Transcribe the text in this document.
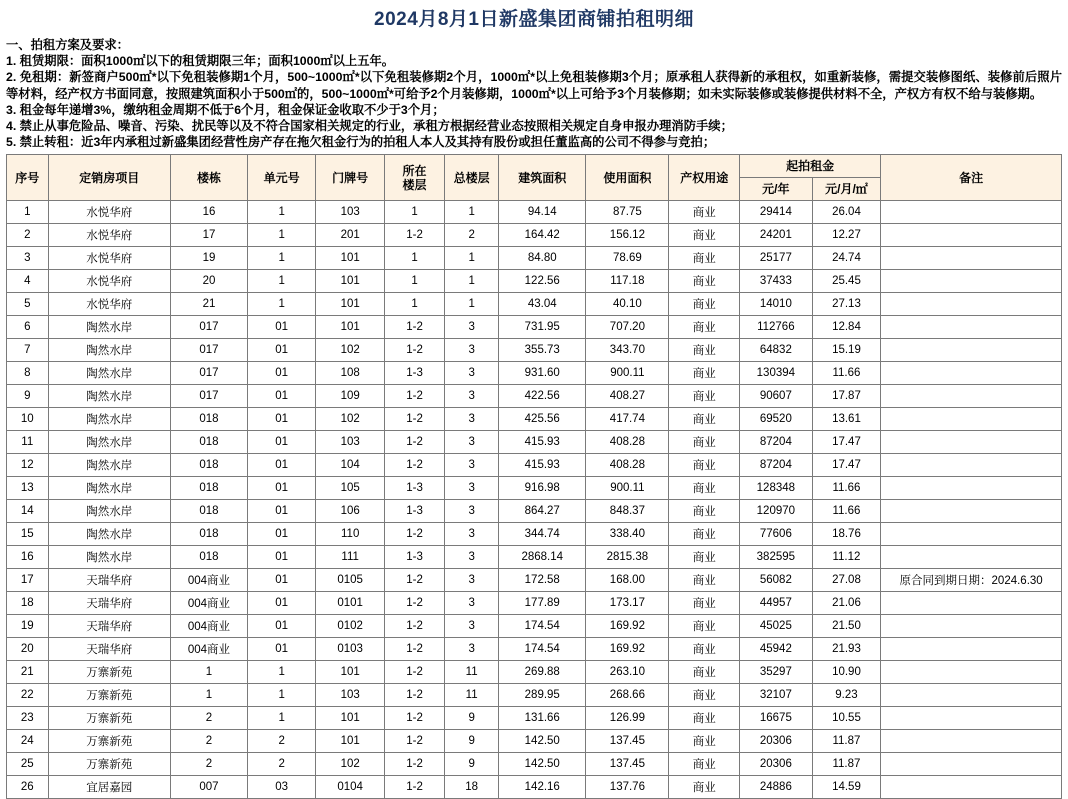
2024月8月1日新盛集团商铺拍租明细
一、拍租方案及要求：
1. 租赁期限：面积1000㎡以下的租赁期限三年；面积1000㎡以上五年。
2. 免租期：新签商户500㎡*以下免租装修期1个月，500~1000㎡*以下免租装修期2个月，1000㎡*以上免租装修期3个月；原承租人获得新的承租权，如重新装修，需提交装修图纸、装修前后照片等材料，经产权方书面同意，按照建筑面积小于500㎡的，500~1000㎡*可给予2个月装修期，1000㎡*以上可给予3个月装修期；如未实际装修或装修提供材料不全，产权方有权不给与装修期。
3. 租金每年递增3%，缴纳租金周期不低于6个月，租金保证金收取不少于3个月；
4. 禁止从事危险品、噪音、污染、扰民等以及不符合国家相关规定的行业，承租方根据经营业态按照相关规定自身申报办理消防手续；
5. 禁止转租：近3年内承租过新盛集团经营性房产存在拖欠租金行为的拍租人本人及其持有股份或担任董监高的公司不得参与竞拍；
序号	定销房项目	楼栋	单元号	门牌号	所在
楼层	总楼层	建筑面积	使用面积	产权用途	起拍租金		备注
										元/年	元/月/㎡	
1	水悦华府	16	1	103	1	1	94.14	87.75	商业	29414	26.04	
2	水悦华府	17	1	201	1-2	2	164.42	156.12	商业	24201	12.27	
3	水悦华府	19	1	101	1	1	84.80	78.69	商业	25177	24.74	
4	水悦华府	20	1	101	1	1	122.56	117.18	商业	37433	25.45	
5	水悦华府	21	1	101	1	1	43.04	40.10	商业	14010	27.13	
6	陶然水岸	017	01	101	1-2	3	731.95	707.20	商业	112766	12.84	
7	陶然水岸	017	01	102	1-2	3	355.73	343.70	商业	64832	15.19	
8	陶然水岸	017	01	108	1-3	3	931.60	900.11	商业	130394	11.66	
9	陶然水岸	017	01	109	1-2	3	422.56	408.27	商业	90607	17.87	
10	陶然水岸	018	01	102	1-2	3	425.56	417.74	商业	69520	13.61	
11	陶然水岸	018	01	103	1-2	3	415.93	408.28	商业	87204	17.47	
12	陶然水岸	018	01	104	1-2	3	415.93	408.28	商业	87204	17.47	
13	陶然水岸	018	01	105	1-3	3	916.98	900.11	商业	128348	11.66	
14	陶然水岸	018	01	106	1-3	3	864.27	848.37	商业	120970	11.66	
15	陶然水岸	018	01	110	1-2	3	344.74	338.40	商业	77606	18.76	
16	陶然水岸	018	01	111	1-3	3	2868.14	2815.38	商业	382595	11.12	
17	天瑞华府	004商业	01	0105	1-2	3	172.58	168.00	商业	56082	27.08	原合同到期日期：2024.6.30
18	天瑞华府	004商业	01	0101	1-2	3	177.89	173.17	商业	44957	21.06	
19	天瑞华府	004商业	01	0102	1-2	3	174.54	169.92	商业	45025	21.50	
20	天瑞华府	004商业	01	0103	1-2	3	174.54	169.92	商业	45942	21.93	
21	万寨新苑	1	1	101	1-2	11	269.88	263.10	商业	35297	10.90	
22	万寨新苑	1	1	103	1-2	11	289.95	268.66	商业	32107	9.23	
23	万寨新苑	2	1	101	1-2	9	131.66	126.99	商业	16675	10.55	
24	万寨新苑	2	2	101	1-2	9	142.50	137.45	商业	20306	11.87	
25	万寨新苑	2	2	102	1-2	9	142.50	137.45	商业	20306	11.87	
26	宜居嘉园	007	03	0104	1-2	18	142.16	137.76	商业	24886	14.59	
